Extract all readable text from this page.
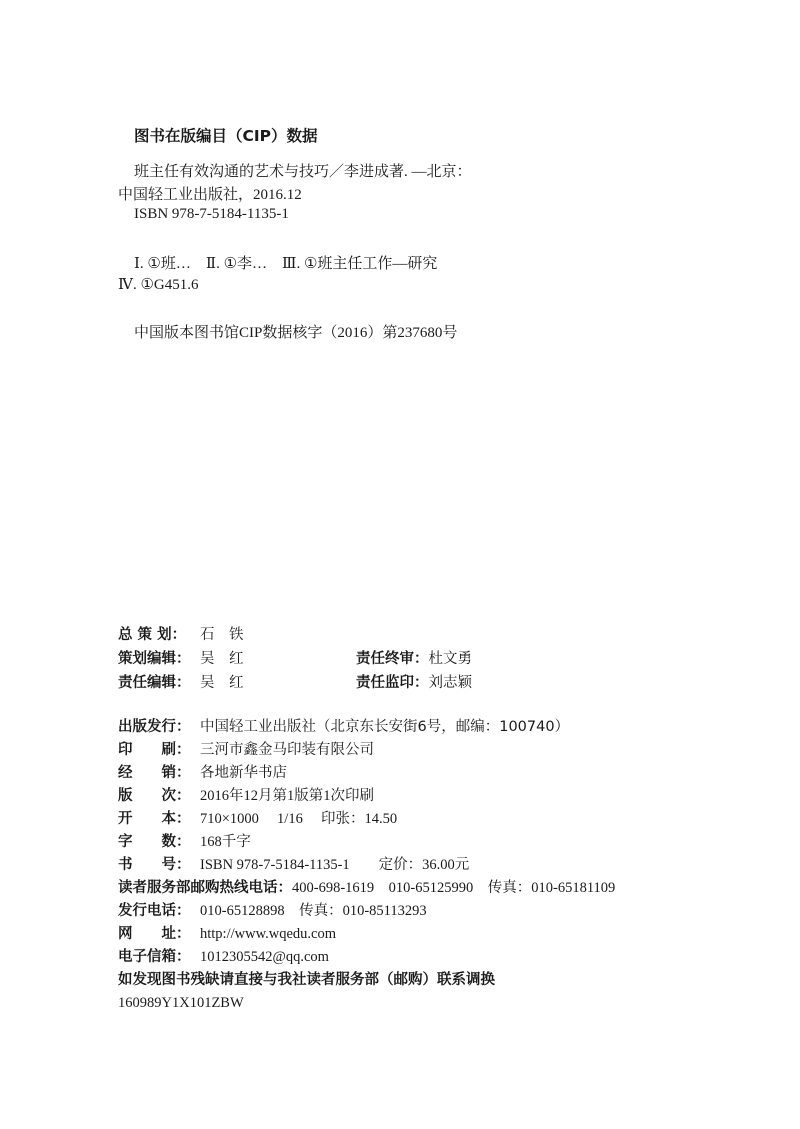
图书在版编目（CIP）数据
班主任有效沟通的艺术与技巧／李进成著. —北京：
中国轻工业出版社，2016.12
ISBN 978-7-5184-1135-1
Ⅰ. ①班…　Ⅱ. ①李…　Ⅲ. ①班主任工作—研究
Ⅳ. ①G451.6
中国版本图书馆CIP数据核字（2016）第237680号
总 策 划： 石　铁
策划编辑： 吴　红	责任终审：杜文勇
责任编辑： 吴　红	责任监印：刘志颖
出版发行： 中国轻工业出版社（北京东长安街6号，邮编：100740）
印　　刷： 三河市鑫金马印装有限公司
经　　销： 各地新华书店
版　　次： 2016年12月第1版第1次印刷
开　　本： 710×1000　 1/16　 印张：14.50
字　　数： 168千字
书　　号： ISBN 978-7-5184-1135-1　　定价：36.00元
读者服务部邮购热线电话：400-698-1619　010-65125990　传真：010-65181109
发行电话： 010-65128898　传真：010-85113293
网　　址： http://www.wqedu.com
电子信箱： 1012305542@qq.com
如发现图书残缺请直接与我社读者服务部（邮购）联系调换
160989Y1X101ZBW
